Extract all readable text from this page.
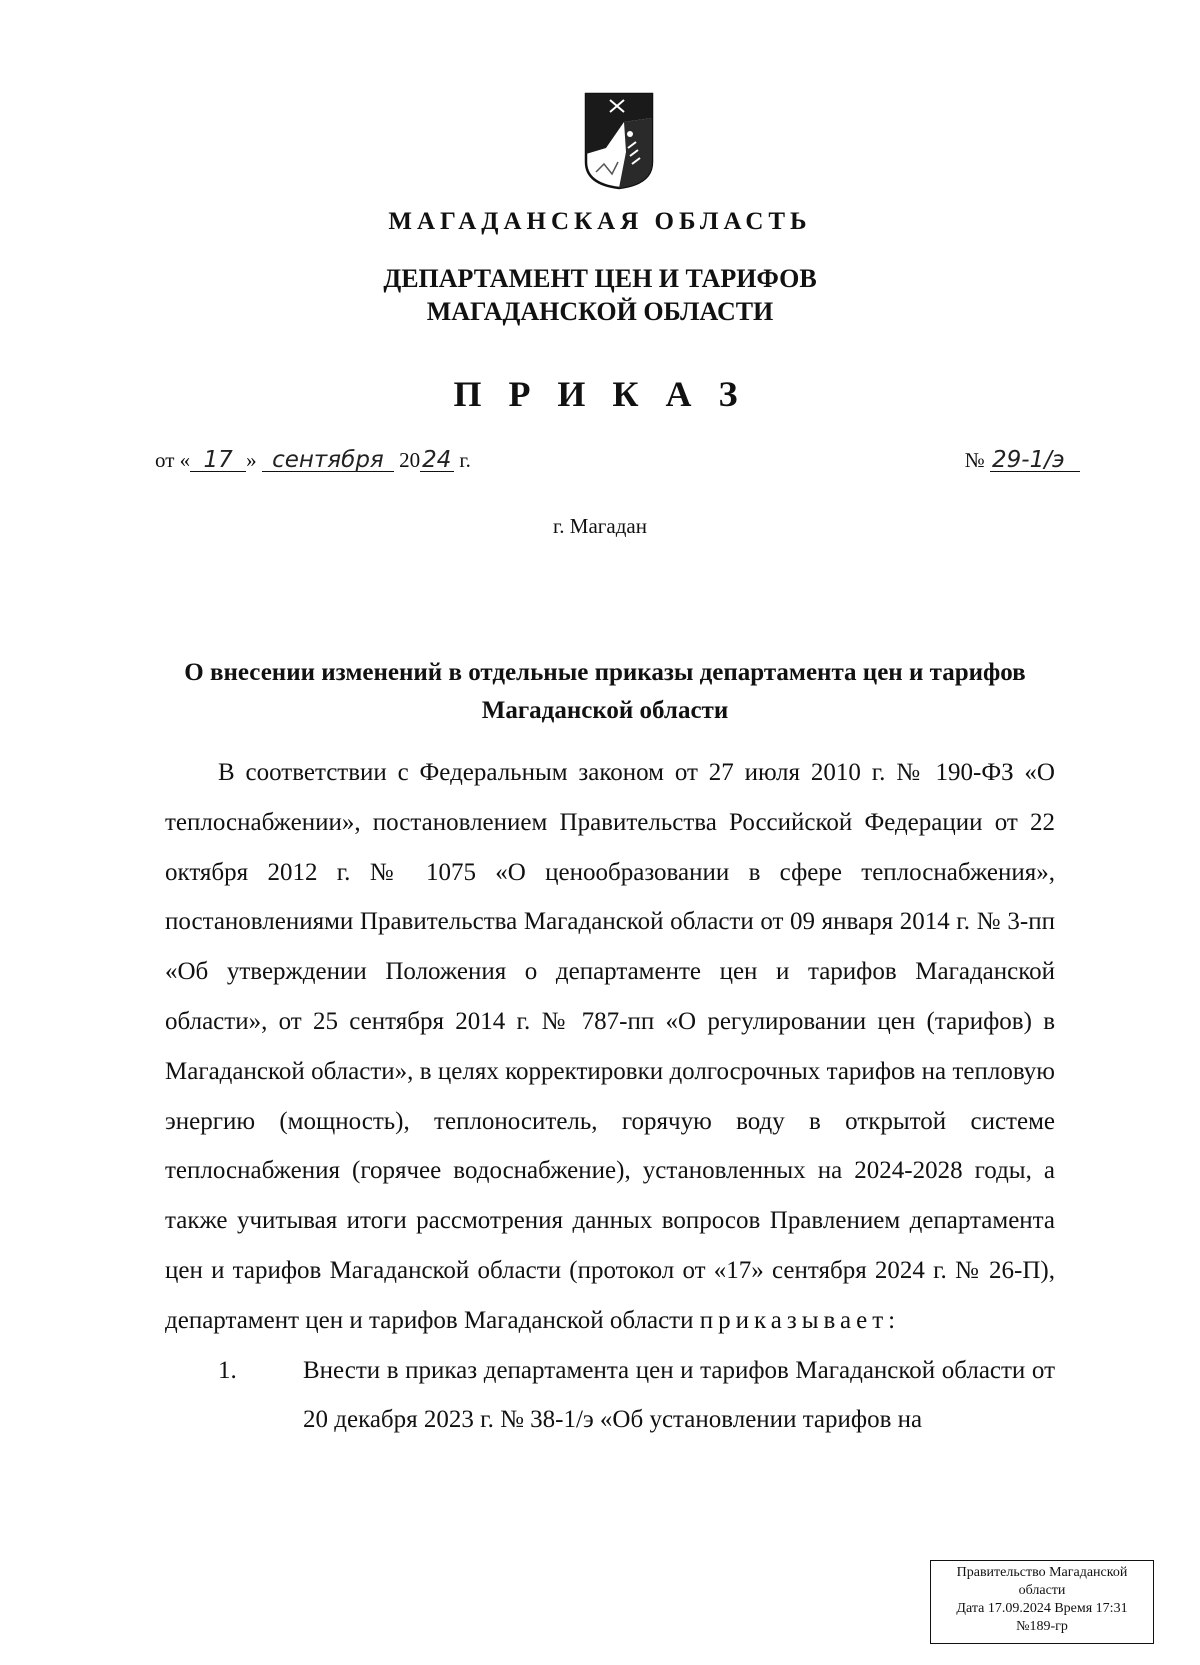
МАГАДАНСКАЯ ОБЛАСТЬ
ДЕПАРТАМЕНТ ЦЕН И ТАРИФОВ
МАГАДАНСКОЙ ОБЛАСТИ
П Р И К А З
от « 17 » сентября 2024 г.	№ 29-1/э
г. Магадан
О внесении изменений в отдельные приказы департамента цен и тарифов Магаданской области

В соответствии с Федеральным законом от 27 июля 2010 г. № 190-ФЗ «О теплоснабжении», постановлением Правительства Российской Федерации от 22 октября 2012 г. № 1075 «О ценообразовании в сфере теплоснабжения», постановлениями Правительства Магаданской области от 09 января 2014 г. № 3-пп «Об утверждении Положения о департаменте цен и тарифов Магаданской области», от 25 сентября 2014 г. № 787-пп «О регулировании цен (тарифов) в Магаданской области», в целях корректировки долгосрочных тарифов на тепловую энергию (мощность), теплоноситель, горячую воду в открытой системе теплоснабжения (горячее водоснабжение), установленных на 2024-2028 годы, а также учитывая итоги рассмотрения данных вопросов Правлением департамента цен и тарифов Магаданской области (протокол от «17» сентября 2024 г. № 26-П), департамент цен и тарифов Магаданской области приказывает:

1.	Внести в приказ департамента цен и тарифов Магаданской области от 20 декабря 2023 г. № 38-1/э «Об установлении тарифов на
Правительство Магаданской
области
Дата 17.09.2024 Время 17:31
№189-гр
